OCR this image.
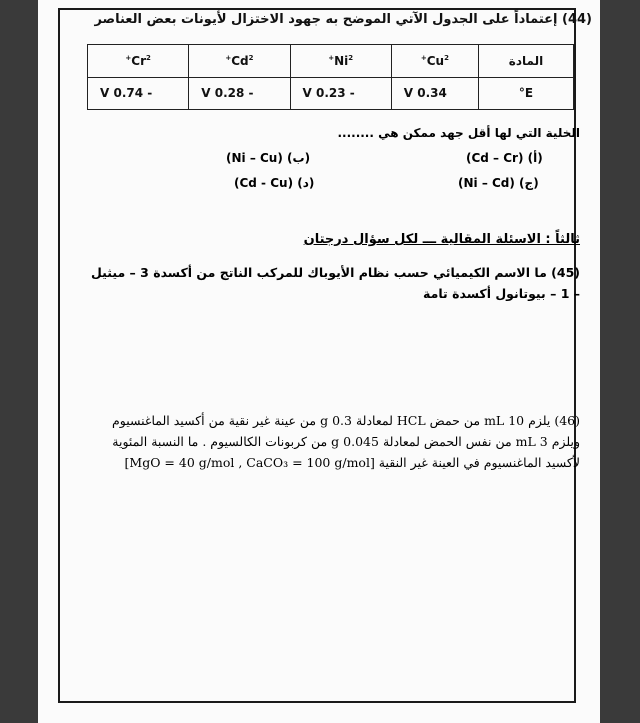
(44) إعتماداً على الجدول الآتي الموضح به جهود الاختزال لأيونات بعض العناصر
المادة	$Cu^{2+}$	$Ni^{2+}$	$Cd^{2+}$	$Cr^{2+}$
E°	0.34 V	- 0.23 V	- 0.28 V	- 0.74 V
الخلية التي لها أقل جهد ممكن هي ........
(Cd – Cr) (أ)
(Ni – Cu) (ب)
(Ni – Cd) (ج)
(Cd - Cu) (د)
ثالثاً : الاسئلة المقالية ـــ لكل سؤال درجتان
(45) ما الاسم الكيميائي حسب نظام الأيوباك للمركب الناتج من أكسدة 3 – ميثيل – 1 – بيوتانول أكسدة تامة
(46) يلزم 10 mL من حمض HCL لمعادلة 0.3 g من عينة غير نقية من أكسيد الماغنسيوم
ويلزم 3 mL من نفس الحمض لمعادلة 0.045 g من كربونات الكالسيوم . ما النسبة المئوية
لأكسيد الماغنسيوم في العينة غير النقية [MgO = 40 g/mol , CaCO₃ = 100 g/mol]
